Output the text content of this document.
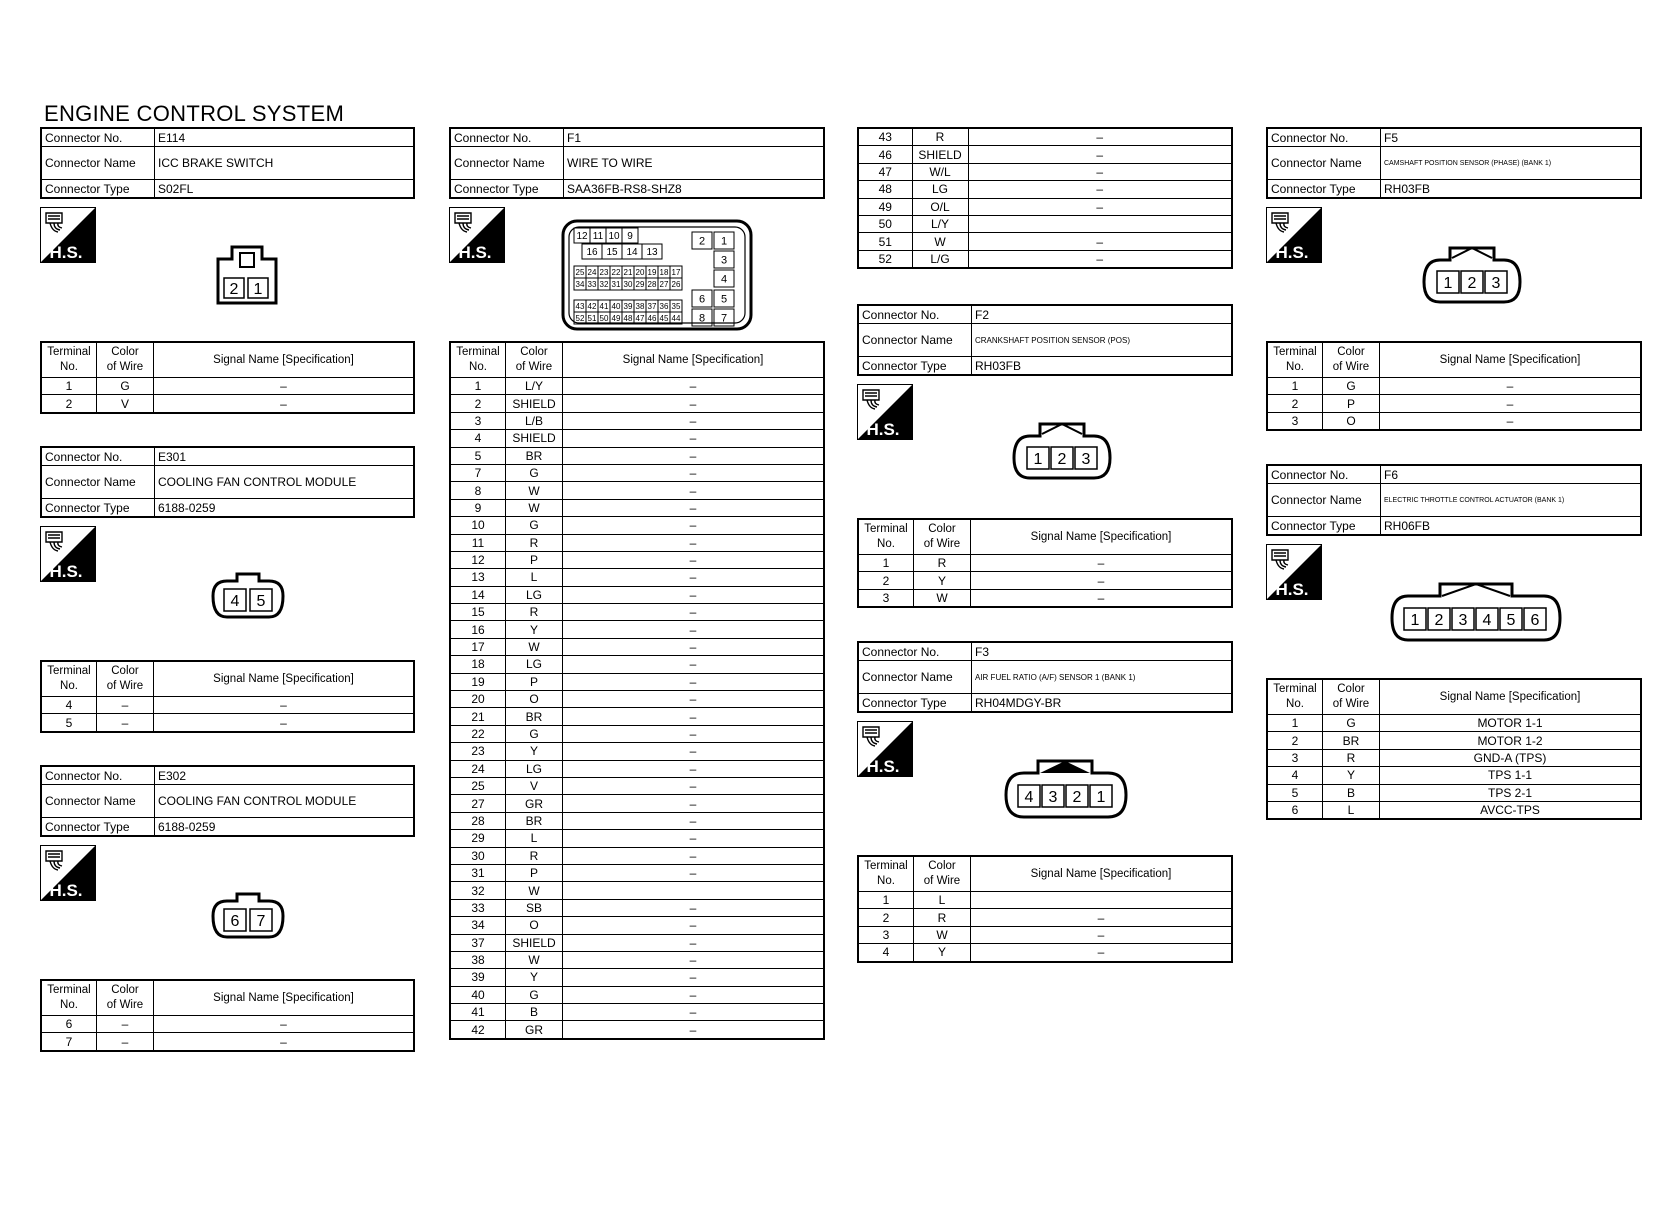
ENGINE CONTROL SYSTEM
Connector No.	E114
Connector Name	ICC BRAKE SWITCH
Connector Type	S02FL
H.S.
2 1
Terminal
No.	Color
of Wire	Signal Name [Specification]
1	G	–
2	V	–
Connector No.	E301
Connector Name	COOLING FAN CONTROL MODULE
Connector Type	6188-0259
H.S.
4 5
Terminal
No.	Color
of Wire	Signal Name [Specification]
4	–	–
5	–	–
Connector No.	E302
Connector Name	COOLING FAN CONTROL MODULE
Connector Type	6188-0259
H.S.
6 7
Terminal
No.	Color
of Wire	Signal Name [Specification]
6	–	–
7	–	–
Connector No.	F1
Connector Name	WIRE TO WIRE
Connector Type	SAA36FB-RS8-SHZ8
H.S.
12 11 10 9
16 15 14 13
25 24 23 22 21 20 19 18 17
34 33 32 31 30 29 28 27 26
43 42 41 40 39 38 37 36 35
52 51 50 49 48 47 46 45 44
2 1
3
4
6 5
8 7
Terminal
No.	Color
of Wire	Signal Name [Specification]
1	L/Y	–
2	SHIELD	–
3	L/B	–
4	SHIELD	–
5	BR	–
7	G	–
8	W	–
9	W	–
10	G	–
11	R	–
12	P	–
13	L	–
14	LG	–
15	R	–
16	Y	–
17	W	–
18	LG	–
19	P	–
20	O	–
21	BR	–
22	G	–
23	Y	–
24	LG	–
25	V	–
27	GR	–
28	BR	–
29	L	–
30	R	–
31	P	–
32	W	
33	SB	–
34	O	–
37	SHIELD	–
38	W	–
39	Y	–
40	G	–
41	B	–
42	GR	–
43	R	–
46	SHIELD	–
47	W/L	–
48	LG	–
49	O/L	–
50	L/Y	
51	W	–
52	L/G	–
Connector No.	F2
Connector Name	CRANKSHAFT POSITION SENSOR (POS)
Connector Type	RH03FB
H.S.
1 2 3
Terminal
No.	Color
of Wire	Signal Name [Specification]
1	R	–
2	Y	–
3	W	–
Connector No.	F3
Connector Name	AIR FUEL RATIO (A/F) SENSOR 1 (BANK 1)
Connector Type	RH04MDGY-BR
H.S.
4 3 2 1
Terminal
No.	Color
of Wire	Signal Name [Specification]
1	L	
2	R	–
3	W	–
4	Y	–
Connector No.	F5
Connector Name	CAMSHAFT POSITION SENSOR (PHASE) (BANK 1)
Connector Type	RH03FB
H.S.
1 2 3
Terminal
No.	Color
of Wire	Signal Name [Specification]
1	G	–
2	P	–
3	O	–
Connector No.	F6
Connector Name	ELECTRIC THROTTLE CONTROL ACTUATOR (BANK 1)
Connector Type	RH06FB
H.S.
1 2 3 4 5 6
Terminal
No.	Color
of Wire	Signal Name [Specification]
1	G	MOTOR 1-1
2	BR	MOTOR 1-2
3	R	GND-A (TPS)
4	Y	TPS 1-1
5	B	TPS 2-1
6	L	AVCC-TPS
